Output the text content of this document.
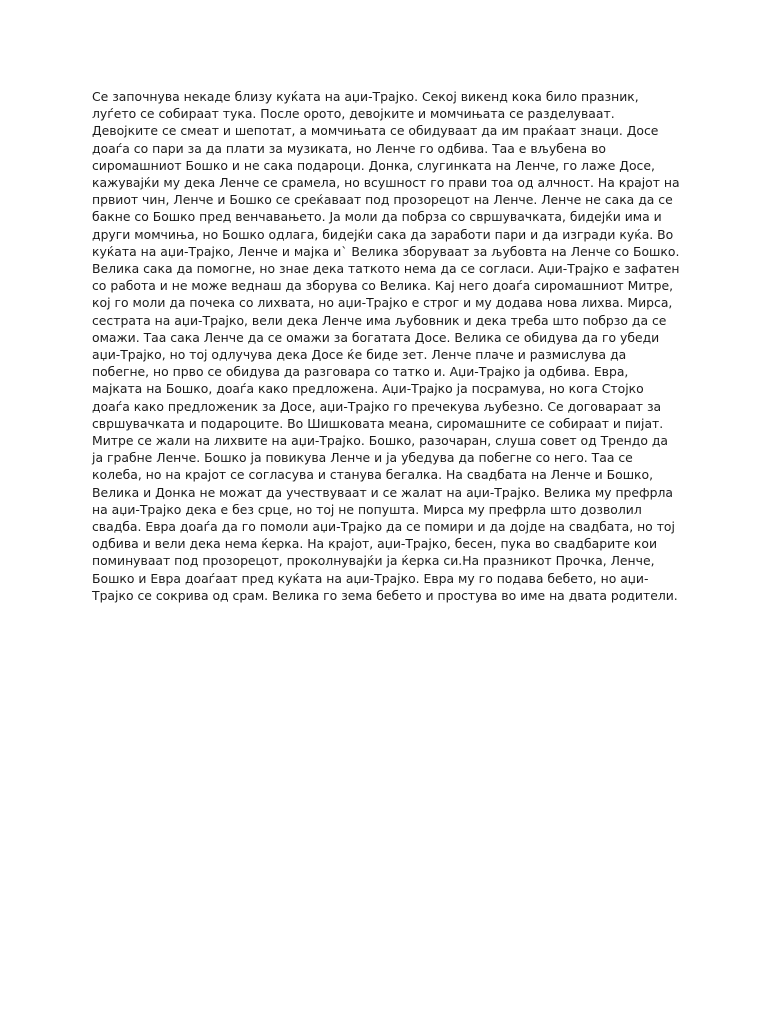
Се започнува некаде близу куќата на аџи-Трајко. Секој викенд кока било празник, луѓето се собираат тука. После орото, девојките и момчињата се разделуваат. Девојките се смеат и шепотат, а момчињата се обидуваат да им праќаат знаци. Досе доаѓа со пари за да плати за музиката, но Ленче го одбива. Таа е вљубена во сиромашниот Бошко и не сака подароци. Донка, слугинката на Ленче, го лаже Досе, кажувајќи му дека Ленче се срамела, но всушност го прави тоа од алчност. На крајот на првиот чин, Ленче и Бошко се среќаваат под прозорецот на Ленче. Ленче не сака да се бакне со Бошко пред венчавањето. Ја моли да побрза со свршувачката, бидејќи има и други момчиња, но Бошко одлага, бидејќи сака да заработи пари и да изгради куќа. Во куќата на аџи-Трајко, Ленче и мајка и` Велика зборуваат за љубовта на Ленче со Бошко. Велика сака да помогне, но знае дека таткото нема да се согласи. Аџи-Трајко е зафатен со работа и не може веднаш да зборува со Велика. Кај него доаѓа сиромашниот Митре, кој го моли да почека со лихвата, но аџи-Трајко е строг и му додава нова лихва. Мирса, сестрата на аџи-Трајко, вели дека Ленче има љубовник и дека треба што побрзо да се омажи. Таа сака Ленче да се омажи за богатата Досе. Велика се обидува да го убеди аџи-Трајко, но тој одлучува дека Досе ќе биде зет. Ленче плаче и размислува да побегне, но прво се обидува да разговара со татко и. Аџи-Трајко ја одбива. Евра, мајката на Бошко, доаѓа како предложена. Аџи-Трајко ја посрамува, но кога Стојко доаѓа како предложеник за Досе, аџи-Трајко го пречекува љубезно. Се договараат за свршувачката и подароците. Во Шишковата меана, сиромашните се собираат и пијат. Митре се жали на лихвите на аџи-Трајко. Бошко, разочаран, слуша совет од Трендо да ја грабне Ленче. Бошко ја повикува Ленче и ја убедува да побегне со него. Таа се колеба, но на крајот се согласува и станува бегалка. На свадбата на Ленче и Бошко, Велика и Донка не можат да учествуваат и се жалат на аџи-Трајко. Велика му префрла на аџи-Трајко дека е без срце, но тој не попушта. Мирса му префрла што дозволил свадба. Евра доаѓа да го помоли аџи-Трајко да се помири и да дојде на свадбата, но тој одбива и вели дека нема ќерка. На крајот, аџи-Трајко, бесен, пука во свадбарите кои поминуваат под прозорецот, проколнувајќи ја ќерка си.На празникот Прочка, Ленче, Бошко и Евра доаѓаат пред куќата на аџи-Трајко. Евра му го подава бебето, но аџи-Трајко се сокрива од срам. Велика го зема бебето и простува во име на двата родители.
